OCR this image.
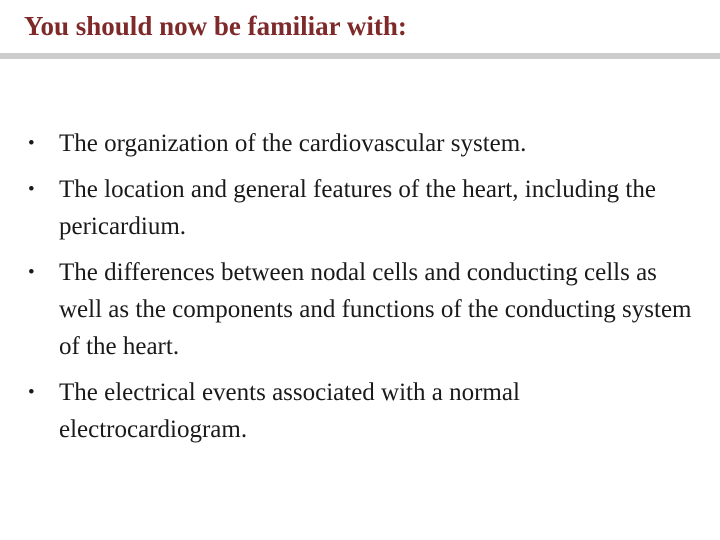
You should now be familiar with:
• The organization of the cardiovascular system.
• The location and general features of the heart, including the pericardium.
• The differences between nodal cells and conducting cells as well as the components and functions of the conducting system of the heart.
• The electrical events associated with a normal electrocardiogram.
